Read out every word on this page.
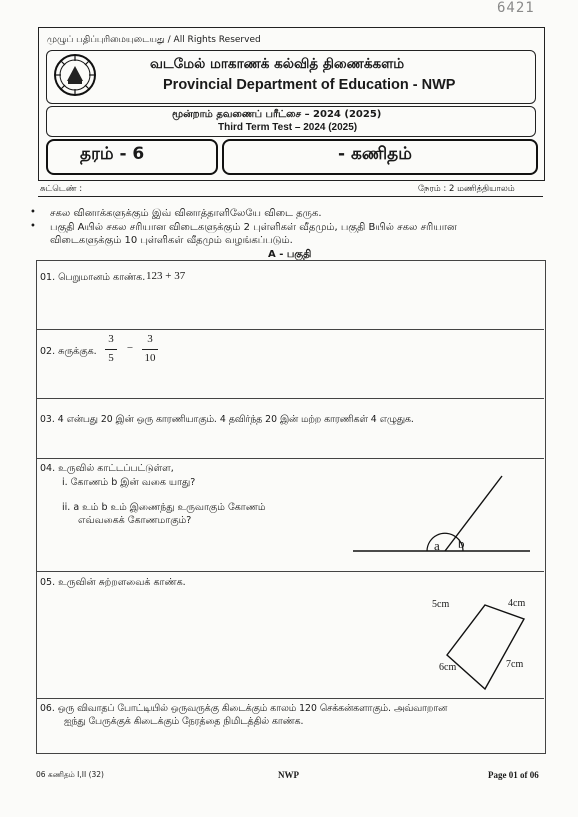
6421
முழுப் பதிப்புரிமையுடையது / All Rights Reserved
வடமேல் மாகாணக் கல்வித் திணைக்களம்
Provincial Department of Education - NWP
மூன்றாம் தவணைப் பரீட்சை – 2024 (2025)
Third Term Test – 2024 (2025)
தரம் - 6	- கணிதம்
சுட்டெண் :	நேரம் : 2 மணித்தியாலம்
• சகல வினாக்களுக்கும் இவ் வினாத்தாளிலேயே விடை தருக.
• பகுதி Aயில் சகல சரியான விடைகளுக்கும் 2 புள்ளிகள் வீதமும், பகுதி Bயில் சகல சரியான
விடைகளுக்கும் 10 புள்ளிகள் வீதமும் வழங்கப்படும்.
A - பகுதி
01. பெறுமானம் காண்க. 123 + 37
02. சுருக்குக.
3
5
−
3
10
03. 4 என்பது 20 இன் ஒரு காரணியாகும். 4 தவிர்ந்த 20 இன் மற்ற காரணிகள் 4 எழுதுக.
04. உருவில் காட்டப்பட்டுள்ள,
i. கோணம் b இன் வகை யாது?
ii. a உம் b உம் இணைந்து உருவாகும் கோணம்
எவ்வகைக் கோணமாகும்?
a b
05. உருவின் சுற்றளவைக் காண்க.
5cm	4cm
6cm	7cm
06. ஒரு விவாதப் போட்டியில் ஒருவருக்கு கிடைக்கும் காலம் 120 செக்கன்களாகும். அவ்வாறான
ஐந்து பேருக்குக் கிடைக்கும் நேரத்தை நிமிடத்தில் காண்க.
06 கணிதம் I,II (32)	NWP	Page 01 of 06
